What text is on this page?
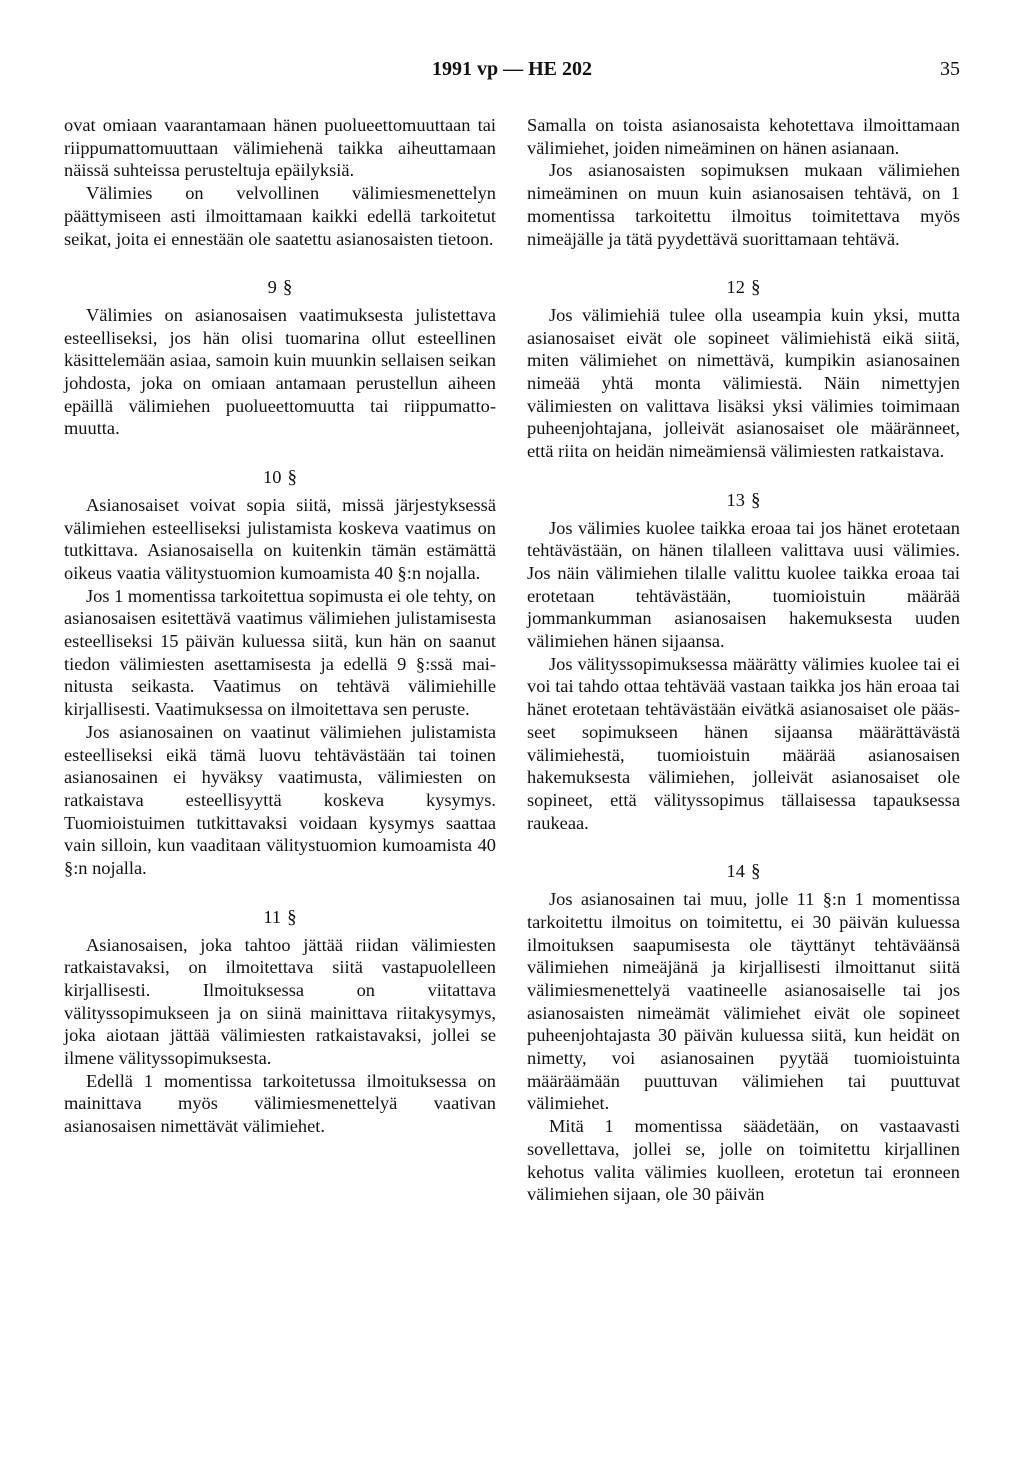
1991 vp — HE 202	35

ovat omiaan vaarantamaan hänen puolueettomuuttaan tai riippumattomuuttaan välimiehenä taikka aiheuttamaan näissä suhteissa perusteltuja epäilyksiä.

Välimies on velvollinen välimiesmenettelyn päättymiseen asti ilmoittamaan kaikki edellä tarkoitetut seikat, joita ei ennestään ole saatettu asianosaisten tietoon.

9 §

Välimies on asianosaisen vaatimuksesta julistettava esteelliseksi, jos hän olisi tuomarina ollut esteellinen käsittelemään asiaa, samoin kuin muunkin sellaisen seikan johdosta, joka on omiaan antamaan perustellun aiheen epäillä välimiehen puolueettomuutta tai riippumattomuutta.

10 §

Asianosaiset voivat sopia siitä, missä järjestyksessä välimiehen esteelliseksi julistamista koskeva vaatimus on tutkittava. Asianosaisella on kuitenkin tämän estämättä oikeus vaatia välitystuomion kumoamista 40 §:n nojalla.

Jos 1 momentissa tarkoitettua sopimusta ei ole tehty, on asianosaisen esitettävä vaatimus välimiehen julistamisesta esteelliseksi 15 päivän kuluessa siitä, kun hän on saanut tiedon välimiesten asettamisesta ja edellä 9 §:ssä mainitusta seikasta. Vaatimus on tehtävä välimiehille kirjallisesti. Vaatimuksessa on ilmoitettava sen peruste.

Jos asianosainen on vaatinut välimiehen julistamista esteelliseksi eikä tämä luovu tehtävästään tai toinen asianosainen ei hyväksy vaatimusta, välimiesten on ratkaistava esteellisyyttä koskeva kysymys. Tuomioistuimen tutkittavaksi voidaan kysymys saattaa vain silloin, kun vaaditaan välitystuomion kumoamista 40 §:n nojalla.

11 §

Asianosaisen, joka tahtoo jättää riidan välimiesten ratkaistavaksi, on ilmoitettava siitä vastapuolelleen kirjallisesti. Ilmoituksessa on viitattava välityssopimukseen ja on siinä mainittava riitakysymys, joka aiotaan jättää välimiesten ratkaistavaksi, jollei se ilmene välityssopimuksesta.

Edellä 1 momentissa tarkoitetussa ilmoituksessa on mainittava myös välimiesmenettelyä vaativan asianosaisen nimettävät välimiehet.

Samalla on toista asianosaista kehotettava ilmoittamaan välimiehet, joiden nimeäminen on hänen asianaan.

Jos asianosaisten sopimuksen mukaan välimiehen nimeäminen on muun kuin asianosaisen tehtävä, on 1 momentissa tarkoitettu ilmoitus toimitettava myös nimeäjälle ja tätä pyydettävä suorittamaan tehtävä.

12 §

Jos välimiehiä tulee olla useampia kuin yksi, mutta asianosaiset eivät ole sopineet välimiehistä eikä siitä, miten välimiehet on nimettävä, kumpikin asianosainen nimeää yhtä monta välimiestä. Näin nimettyjen välimiesten on valittava lisäksi yksi välimies toimimaan puheenjohtajana, jolleivät asianosaiset ole määränneet, että riita on heidän nimeämiensä välimiesten ratkaistava.

13 §

Jos välimies kuolee taikka eroaa tai jos hänet erotetaan tehtävästään, on hänen tilalleen valittava uusi välimies. Jos näin välimiehen tilalle valittu kuolee taikka eroaa tai erotetaan tehtävästään, tuomioistuin määrää jommankumman asianosaisen hakemuksesta uuden välimiehen hänen sijaansa.

Jos välityssopimuksessa määrätty välimies kuolee tai ei voi tai tahdo ottaa tehtävää vastaan taikka jos hän eroaa tai hänet erotetaan tehtävästään eivätkä asianosaiset ole päässeet sopimukseen hänen sijaansa määrättävästä välimiehestä, tuomioistuin määrää asianosaisen hakemuksesta välimiehen, jolleivät asianosaiset ole sopineet, että välityssopimus tällaisessa tapauksessa raukeaa.

14 §

Jos asianosainen tai muu, jolle 11 §:n 1 momentissa tarkoitettu ilmoitus on toimitettu, ei 30 päivän kuluessa ilmoituksen saapumisesta ole täyttänyt tehtäväänsä välimiehen nimeäjänä ja kirjallisesti ilmoittanut siitä välimiesmenettelyä vaatineelle asianosaiselle tai jos asianosaisten nimeämät välimiehet eivät ole sopineet puheenjohtajasta 30 päivän kuluessa siitä, kun heidät on nimetty, voi asianosainen pyytää tuomioistuinta määräämään puuttuvan välimiehen tai puuttuvat välimiehet.

Mitä 1 momentissa säädetään, on vastaavasti sovellettava, jollei se, jolle on toimitettu kirjallinen kehotus valita välimies kuolleen, erotetun tai eronneen välimiehen sijaan, ole 30 päivän
